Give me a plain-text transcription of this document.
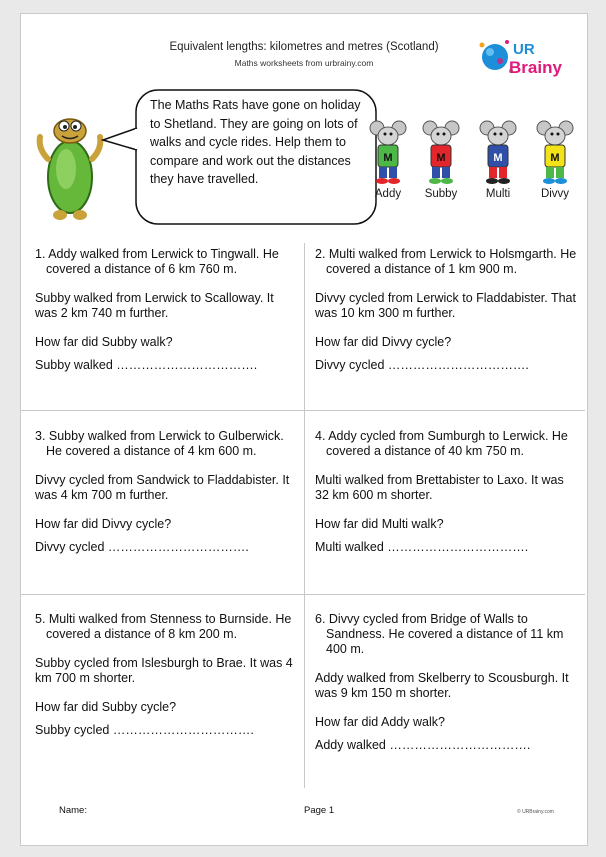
Equivalent lengths: kilometres and metres (Scotland)
Maths worksheets from urbrainy.com
UR
Brainy
The Maths Rats have gone on holiday to Shetland. They are going on lots of walks and cycle rides. Help them to compare and work out the distances they have travelled.
M
Addy
M
Subby
M
Multi
M
Divvy

1. Addy walked from Lerwick to Tingwall. He covered a distance of 6 km 760 m.

Subby walked from Lerwick to Scalloway. It was 2 km 740 m further.

How far did Subby walk?

Subby walked …………………………….

2. Multi walked from Lerwick to Holsmgarth. He covered a distance of 1 km 900 m.

Divvy cycled from Lerwick to Fladdabister. That was 10 km 300 m further.

How far did Divvy cycle?

Divvy cycled …………………………….

3. Subby walked from Lerwick to Gulberwick. He covered a distance of 4 km 600 m.

Divvy cycled from Sandwick to Fladdabister. It was 4 km 700 m further.

How far did Divvy cycle?

Divvy cycled …………………………….

4. Addy cycled from Sumburgh to Lerwick. He covered a distance of 40 km 750 m.

Multi walked from Brettabister to Laxo. It was 32 km 600 m shorter.

How far did Multi walk?

Multi walked …………………………….

5. Multi walked from Stenness to Burnside. He covered a distance of 8 km 200 m.

Subby cycled from Islesburgh to Brae. It was 4 km 700 m shorter.

How far did Subby cycle?

Subby cycled …………………………….

6. Divvy cycled from Bridge of Walls to Sandness. He covered a distance of 11 km 400 m.

Addy walked from Skelberry to Scousburgh. It was 9 km 150 m shorter.

How far did Addy walk?

Addy walked …………………………….

Name:	Page 1	© URBrainy.com
